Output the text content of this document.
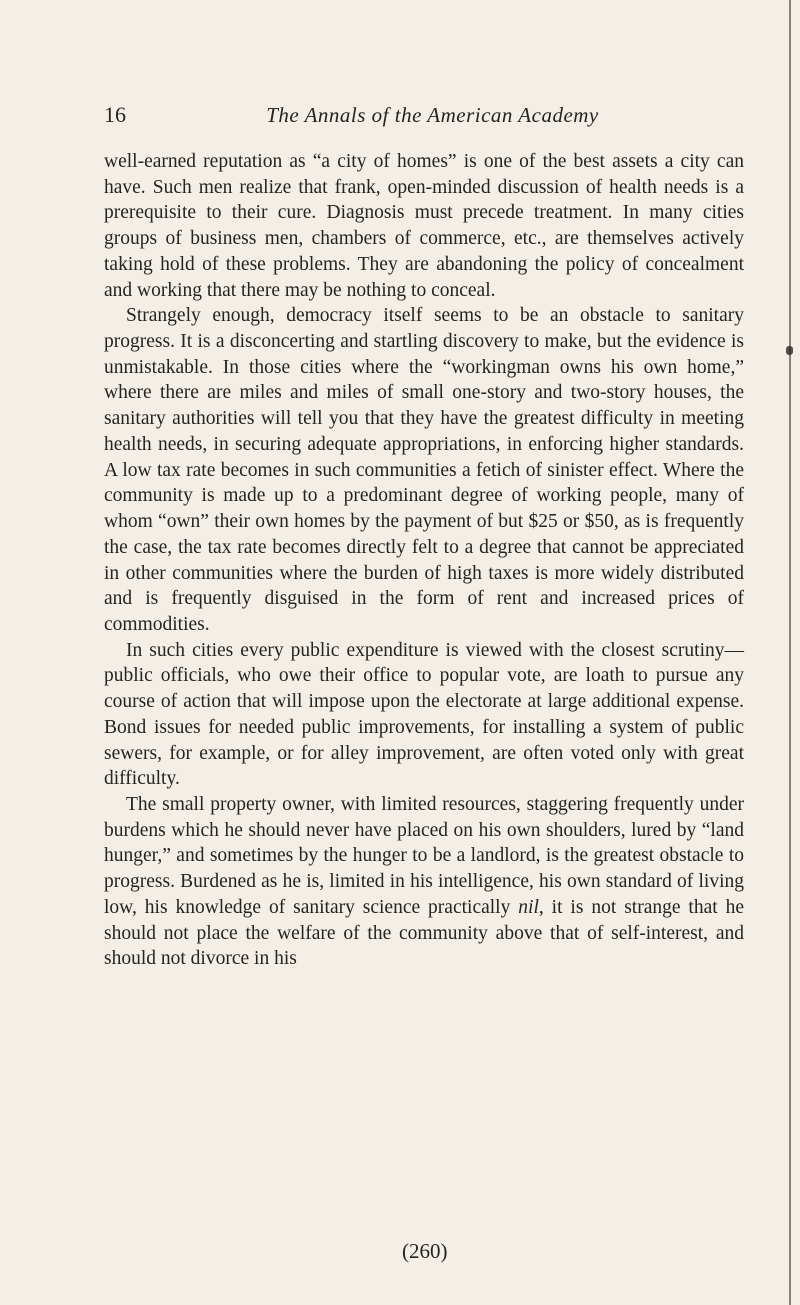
16	The Annals of the American Academy

well-earned reputation as “a city of homes” is one of the best assets a city can have. Such men realize that frank, open-minded discussion of health needs is a prerequisite to their cure. Diagnosis must precede treatment. In many cities groups of business men, chambers of commerce, etc., are themselves actively taking hold of these problems. They are abandoning the policy of concealment and working that there may be nothing to conceal.

Strangely enough, democracy itself seems to be an obstacle to sanitary progress. It is a disconcerting and startling discovery to make, but the evidence is unmistakable. In those cities where the “workingman owns his own home,” where there are miles and miles of small one-story and two-story houses, the sanitary authorities will tell you that they have the greatest difficulty in meeting health needs, in securing adequate appropriations, in enforcing higher standards. A low tax rate becomes in such communities a fetich of sinister effect. Where the community is made up to a predominant degree of working people, many of whom “own” their own homes by the payment of but $25 or $50, as is frequently the case, the tax rate becomes directly felt to a degree that cannot be appreciated in other communities where the burden of high taxes is more widely distributed and is frequently disguised in the form of rent and increased prices of commodities.

In such cities every public expenditure is viewed with the closest scrutiny—public officials, who owe their office to popular vote, are loath to pursue any course of action that will impose upon the electorate at large additional expense. Bond issues for needed public improvements, for installing a system of public sewers, for example, or for alley improvement, are often voted only with great difficulty.

The small property owner, with limited resources, staggering frequently under burdens which he should never have placed on his own shoulders, lured by “land hunger,” and sometimes by the hunger to be a landlord, is the greatest obstacle to progress. Burdened as he is, limited in his intelligence, his own standard of living low, his knowledge of sanitary science practically nil, it is not strange that he should not place the welfare of the community above that of self-interest, and should not divorce in his

(260)
